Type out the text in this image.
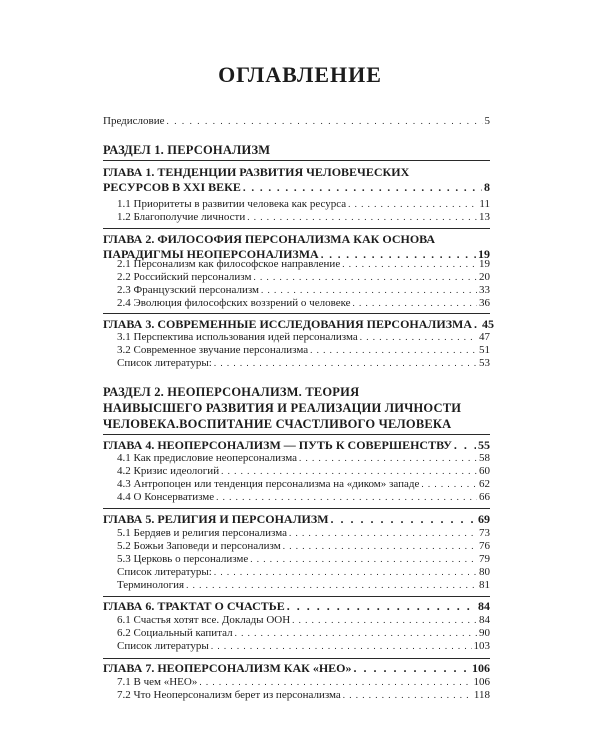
ОГЛАВЛЕНИЕ
Предисловие . . .	5
РАЗДЕЛ 1. ПЕРСОНАЛИЗМ
ГЛАВА 1. ТЕНДЕНЦИИ РАЗВИТИЯ ЧЕЛОВЕЧЕСКИХ
РЕСУРСОВ В XXI ВЕКЕ . . .	8
1.1 Приоритеты в развитии человека как ресурса . . .	11
1.2 Благополучие личности . . .	13
ГЛАВА 2. ФИЛОСОФИЯ ПЕРСОНАЛИЗМА КАК ОСНОВА
ПАРАДИГМЫ НЕОПЕРСОНАЛИЗМА . . .	19
2.1 Персонализм как философское направление . . .	19
2.2 Российский персонализм . . .	20
2.3 Французский персонализм . . .	33
2.4 Эволюция философских воззрений о человеке . . .	36
ГЛАВА 3. СОВРЕМЕННЫЕ ИССЛЕДОВАНИЯ ПЕРСОНАЛИЗМА . . . 45
3.1 Перспектива использования идей персонализма . . .	47
3.2 Современное звучание персонализма . . .	51
Список литературы: . . .	53
РАЗДЕЛ 2. НЕОПЕРСОНАЛИЗМ. ТЕОРИЯ
НАИВЫСШЕГО РАЗВИТИЯ И РЕАЛИЗАЦИИ ЛИЧНОСТИ
ЧЕЛОВЕКА.ВОСПИТАНИЕ СЧАСТЛИВОГО ЧЕЛОВЕКА
ГЛАВА 4. НЕОПЕРСОНАЛИЗМ — ПУТЬ К СОВЕРШЕНСТВУ . . . 55
4.1 Как предисловие неоперсонализма . . .	58
4.2 Кризис идеологий . . .	60
4.3 Антропоцен или тенденция персонализма на «диком» западе . . .	62
4.4 О Консерватизме . . .	66
ГЛАВА 5. РЕЛИГИЯ И ПЕРСОНАЛИЗМ . . .	69
5.1 Бердяев и религия персонализма . . .	73
5.2 Божьи Заповеди и персонализм . . .	76
5.3 Церковь о персонализме . . .	79
Список литературы: . . .	80
Терминология . . .	81
ГЛАВА 6. ТРАКТАТ О СЧАСТЬЕ . . .	84
6.1 Счастья хотят все. Доклады ООН . . .	84
6.2 Социальный капитал . . .	90
Список литературы . . .	103
ГЛАВА 7. НЕОПЕРСОНАЛИЗМ КАК «НЕО» . . .	106
7.1 В чем «НЕО» . . .	106
7.2 Что Неоперсонализм берет из персонализма . . .	118
